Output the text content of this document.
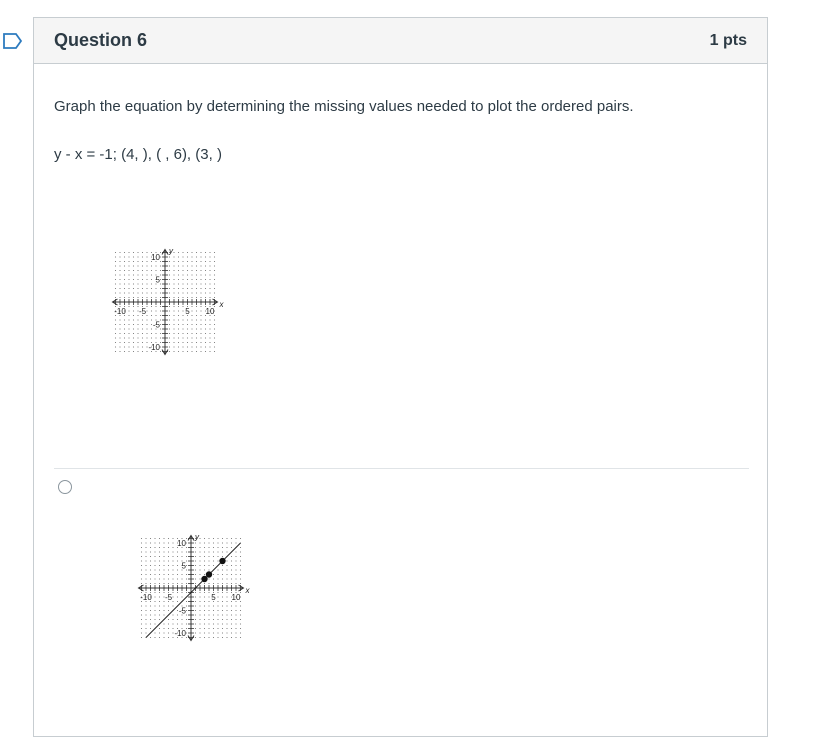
Question 6	1 pts
Graph the equation by determining the missing values needed to plot the ordered pairs.
y - x = -1; (4, ), ( , 6), (3, )
-10 -5	5 10
10
5
-5
-10
x
y
-10 -5	5 10
10
5
-5
-10
x
y
